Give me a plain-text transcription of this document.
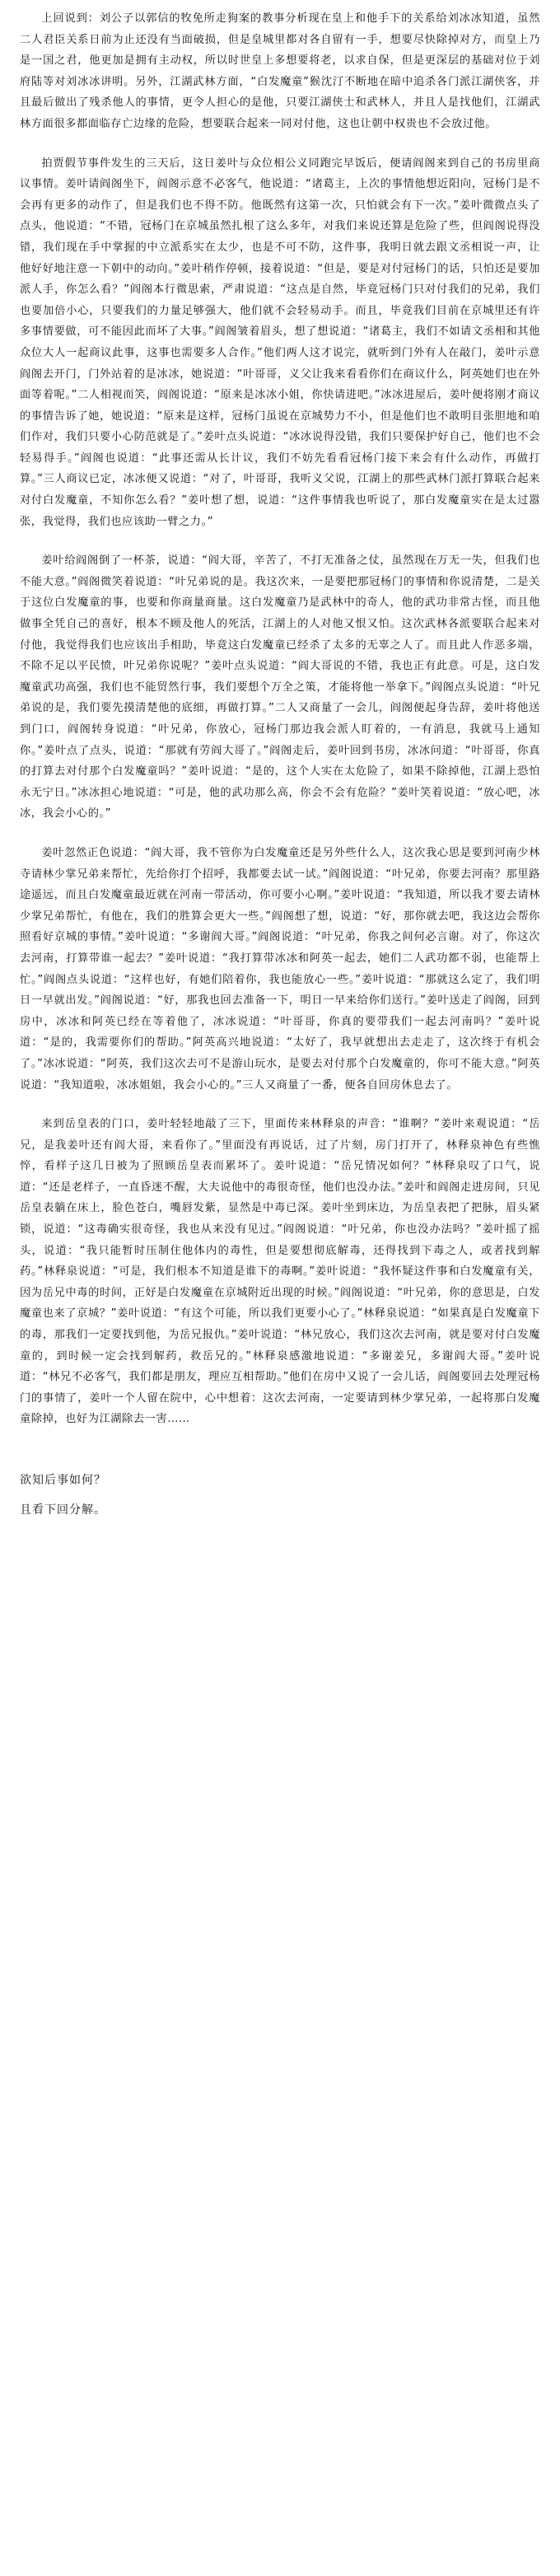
上回说到：刘公子以郭信的牧免所走狗案的教事分析现在皇上和他手下的关系给刘冰冰知道，虽然二人君臣关系日前为止还没有当面破损，但是皇城里都对各自留有一手，想要尽快除掉对方，而皇上乃是一国之君，他更加是拥有主动权，所以时世皇上多想要将老，以求自保，但是更深层的基础对位于刘府陆等对刘冰冰讲明。另外，江湖武林方面，“白发魔童”猴沈汀不断地在暗中追杀各门派江湖侠客，并且最后做出了残杀他人的事情，更令人担心的是他，只要江湖侠士和武林人，并且人是找他们，江湖武林方面很多都面临存亡边缘的危险，想要联合起来一同对付他，这也让朝中权贵也不会放过他。

拍贾假节事件发生的三天后，这日姜叶与众位相公义同跑完早饭后，便请阎阁来到自己的书房里商议事情。姜叶请阎阁坐下，阎阁示意不必客气，他说道：“诸葛主，上次的事情他想近阳向，冠杨门是不会再有更多的动作了，但是我们也不得不防。他既然有这第一次，只怕就会有下一次。”姜叶微微点头了点头，他说道：“不错，冠杨门在京城虽然扎根了这么多年，对我们来说还算是危险了些，但阎阁说得没错，我们现在手中掌握的中立派系实在太少，也是不可不防，这件事，我明日就去跟文丞相说一声，让他好好地注意一下朝中的动向。”姜叶稍作停顿，接着说道：“但是，要是对付冠杨门的话，只怕还是要加派人手，你怎么看？”阎阁本行微思索，严肃说道：“这点是自然，毕竟冠杨门只对付我们的兄弟，我们也要加倍小心，只要我们的力量足够强大，他们就不会轻易动手。而且，毕竟我们目前在京城里还有许多事情要做，可不能因此而坏了大事。”阎阁皱着眉头，想了想说道：“诸葛主，我们不如请文丞相和其他众位大人一起商议此事，这事也需要多人合作。”他们两人这才说完，就听到门外有人在敲门，姜叶示意阎阁去开门，门外站着的是冰冰，她说道：“叶哥哥，义父让我来看看你们在商议什么，阿英她们也在外面等着呢。”二人相视而笑，阎阁说道：“原来是冰冰小姐，你快请进吧。”冰冰进屋后，姜叶便将刚才商议的事情告诉了她，她说道：“原来是这样，冠杨门虽说在京城势力不小，但是他们也不敢明目张胆地和咱们作对，我们只要小心防范就是了。”姜叶点头说道：“冰冰说得没错，我们只要保护好自己，他们也不会轻易得手。”阎阁也说道：“此事还需从长计议，我们不妨先看看冠杨门接下来会有什么动作，再做打算。”三人商议已定，冰冰便又说道：“对了，叶哥哥，我听义父说，江湖上的那些武林门派打算联合起来对付白发魔童，不知你怎么看？”姜叶想了想，说道：“这件事情我也听说了，那白发魔童实在是太过嚣张，我觉得，我们也应该助一臂之力。”

姜叶给阎阁倒了一杯茶，说道：“阎大哥，辛苦了，不打无准备之仗，虽然现在万无一失，但我们也不能大意。”阎阁微笑着说道：“叶兄弟说的是。我这次来，一是要把那冠杨门的事情和你说清楚，二是关于这位白发魔童的事，也要和你商量商量。这白发魔童乃是武林中的奇人，他的武功非常古怪，而且他做事全凭自己的喜好，根本不顾及他人的死活，江湖上的人对他又恨又怕。这次武林各派要联合起来对付他，我觉得我们也应该出手相助，毕竟这白发魔童已经杀了太多的无辜之人了。而且此人作恶多端，不除不足以平民愤，叶兄弟你说呢？”姜叶点头说道：“阎大哥说的不错，我也正有此意。可是，这白发魔童武功高强，我们也不能贸然行事，我们要想个万全之策，才能将他一举拿下。”阎阁点头说道：“叶兄弟说的是，我们要先摸清楚他的底细，再做打算。”二人又商量了一会儿，阎阁便起身告辞，姜叶将他送到门口，阎阁转身说道：“叶兄弟，你放心，冠杨门那边我会派人盯着的，一有消息，我就马上通知你。”姜叶点了点头，说道：“那就有劳阎大哥了。”阎阁走后，姜叶回到书房，冰冰问道：“叶哥哥，你真的打算去对付那个白发魔童吗？”姜叶说道：“是的，这个人实在太危险了，如果不除掉他，江湖上恐怕永无宁日。”冰冰担心地说道：“可是，他的武功那么高，你会不会有危险？”姜叶笑着说道：“放心吧，冰冰，我会小心的。”

姜叶忽然正色说道：“阎大哥，我不管你为白发魔童还是另外些什么人，这次我心思是要到河南少林寺请林少掌兄弟来帮忙，先给你打个招呼，我都要去试一试。”阎阁说道：“叶兄弟，你要去河南？那里路途遥远，而且白发魔童最近就在河南一带活动，你可要小心啊。”姜叶说道：“我知道，所以我才要去请林少掌兄弟帮忙，有他在，我们的胜算会更大一些。”阎阁想了想，说道：“好，那你就去吧，我这边会帮你照看好京城的事情。”姜叶说道：“多谢阎大哥。”阎阁说道：“叶兄弟，你我之间何必言谢。对了，你这次去河南，打算带谁一起去？”姜叶说道：“我打算带冰冰和阿英一起去，她们二人武功都不弱，也能帮上忙。”阎阁点头说道：“这样也好，有她们陪着你，我也能放心一些。”姜叶说道：“那就这么定了，我们明日一早就出发。”阎阁说道：“好，那我也回去准备一下，明日一早来给你们送行。”姜叶送走了阎阁，回到房中，冰冰和阿英已经在等着他了，冰冰说道：“叶哥哥，你真的要带我们一起去河南吗？”姜叶说道：“是的，我需要你们的帮助。”阿英高兴地说道：“太好了，我早就想出去走走了，这次终于有机会了。”冰冰说道：“阿英，我们这次去可不是游山玩水，是要去对付那个白发魔童的，你可不能大意。”阿英说道：“我知道啦，冰冰姐姐，我会小心的。”三人又商量了一番，便各自回房休息去了。

来到岳皇表的门口，姜叶轻轻地敲了三下，里面传来林释泉的声音：“谁啊？”姜叶来观说道：“岳兄，是我姜叶还有阎大哥，来看你了。”里面没有再说话，过了片刻，房门打开了，林释泉神色有些憔悴，看样子这几日被为了照顾岳皇表而累坏了。姜叶说道：“岳兄情况如何？”林释泉叹了口气，说道：“还是老样子，一直昏迷不醒，大夫说他中的毒很奇怪，他们也没办法。”姜叶和阎阁走进房间，只见岳皇表躺在床上，脸色苍白，嘴唇发紫，显然是中毒已深。姜叶坐到床边，为岳皇表把了把脉，眉头紧锁，说道：“这毒确实很奇怪，我也从来没有见过。”阎阁说道：“叶兄弟，你也没办法吗？”姜叶摇了摇头，说道：“我只能暂时压制住他体内的毒性，但是要想彻底解毒，还得找到下毒之人，或者找到解药。”林释泉说道：“可是，我们根本不知道是谁下的毒啊。”姜叶说道：“我怀疑这件事和白发魔童有关，因为岳兄中毒的时间，正好是白发魔童在京城附近出现的时候。”阎阁说道：“叶兄弟，你的意思是，白发魔童也来了京城？”姜叶说道：“有这个可能，所以我们更要小心了。”林释泉说道：“如果真是白发魔童下的毒，那我们一定要找到他，为岳兄报仇。”姜叶说道：“林兄放心，我们这次去河南，就是要对付白发魔童的，到时候一定会找到解药，救岳兄的。”林释泉感激地说道：“多谢姜兄，多谢阎大哥。”姜叶说道：“林兄不必客气，我们都是朋友，理应互相帮助。”他们在房中又说了一会儿话，阎阁要回去处理冠杨门的事情了，姜叶一个人留在院中，心中想着：这次去河南，一定要请到林少掌兄弟，一起将那白发魔童除掉，也好为江湖除去一害……

欲知后事如何？

且看下回分解。
